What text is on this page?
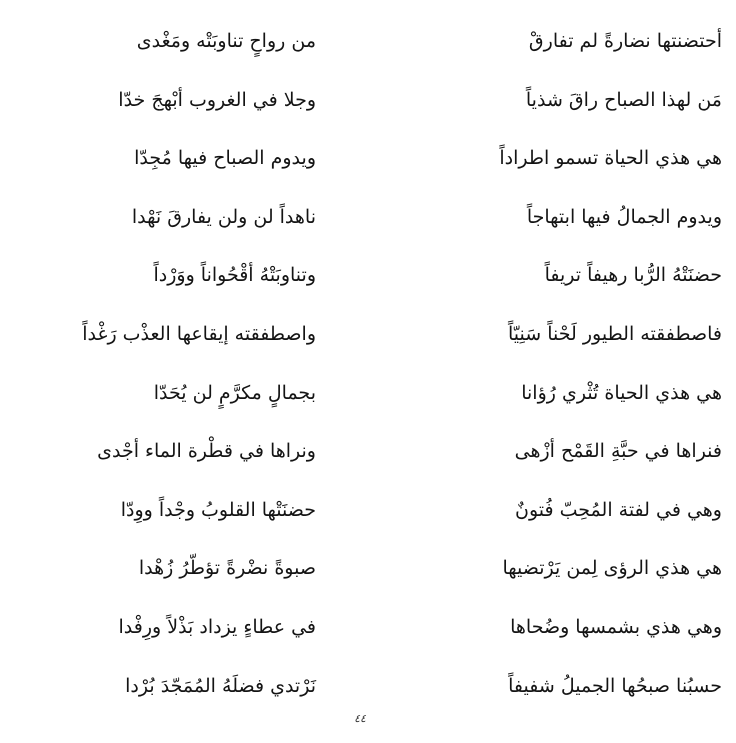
أحتضنتها نضارةً لم تفارقْ
من رواحٍ تناوبَتْه ومَغْدى
مَن لهذا الصباح راقَ شذياً
وجلا في الغروب أبْهجَ خدّا
هي هذي الحياة تسمو اطراداً
ويدوم الصباح فيها مُجِدّا
ويدوم الجمالُ فيها ابتهاجاً
ناهداً لن ولن يفارقَ نَهْدا
حضنَتْهُ الرُّبا رهيفاً تريفاً
وتناوبَتْهُ أقْحُواناً ووَرْداً
فاصطفقته الطيور لَحْناً سَنِيّاً
واصطفقته إيقاعها العذْب رَغْداً
هي هذي الحياة تُثْري رُؤانا
بجمالٍ مكرَّمٍ لن يُحَدّا
فنراها في حبَّةِ القَمْح أزْهى
ونراها في قطْرة الماء أجْدى
وهي في لفتة المُحِبّ فُتونٌ
حضنَتْها القلوبُ وجْداً ووِدّا
هي هذي الرؤى لِمن يَرْتضيها
صبوةً نضْرةً تؤطّرُ زُهْدا
وهي هذي بشمسها وضُحاها
في عطاءٍ يزداد بَذْلاً ورِفْدا
حسبُنا صبحُها الجميلُ شفيفاً
نَرْتدي فضلَهُ المُمَجّدَ بُرْدا
٤٤
